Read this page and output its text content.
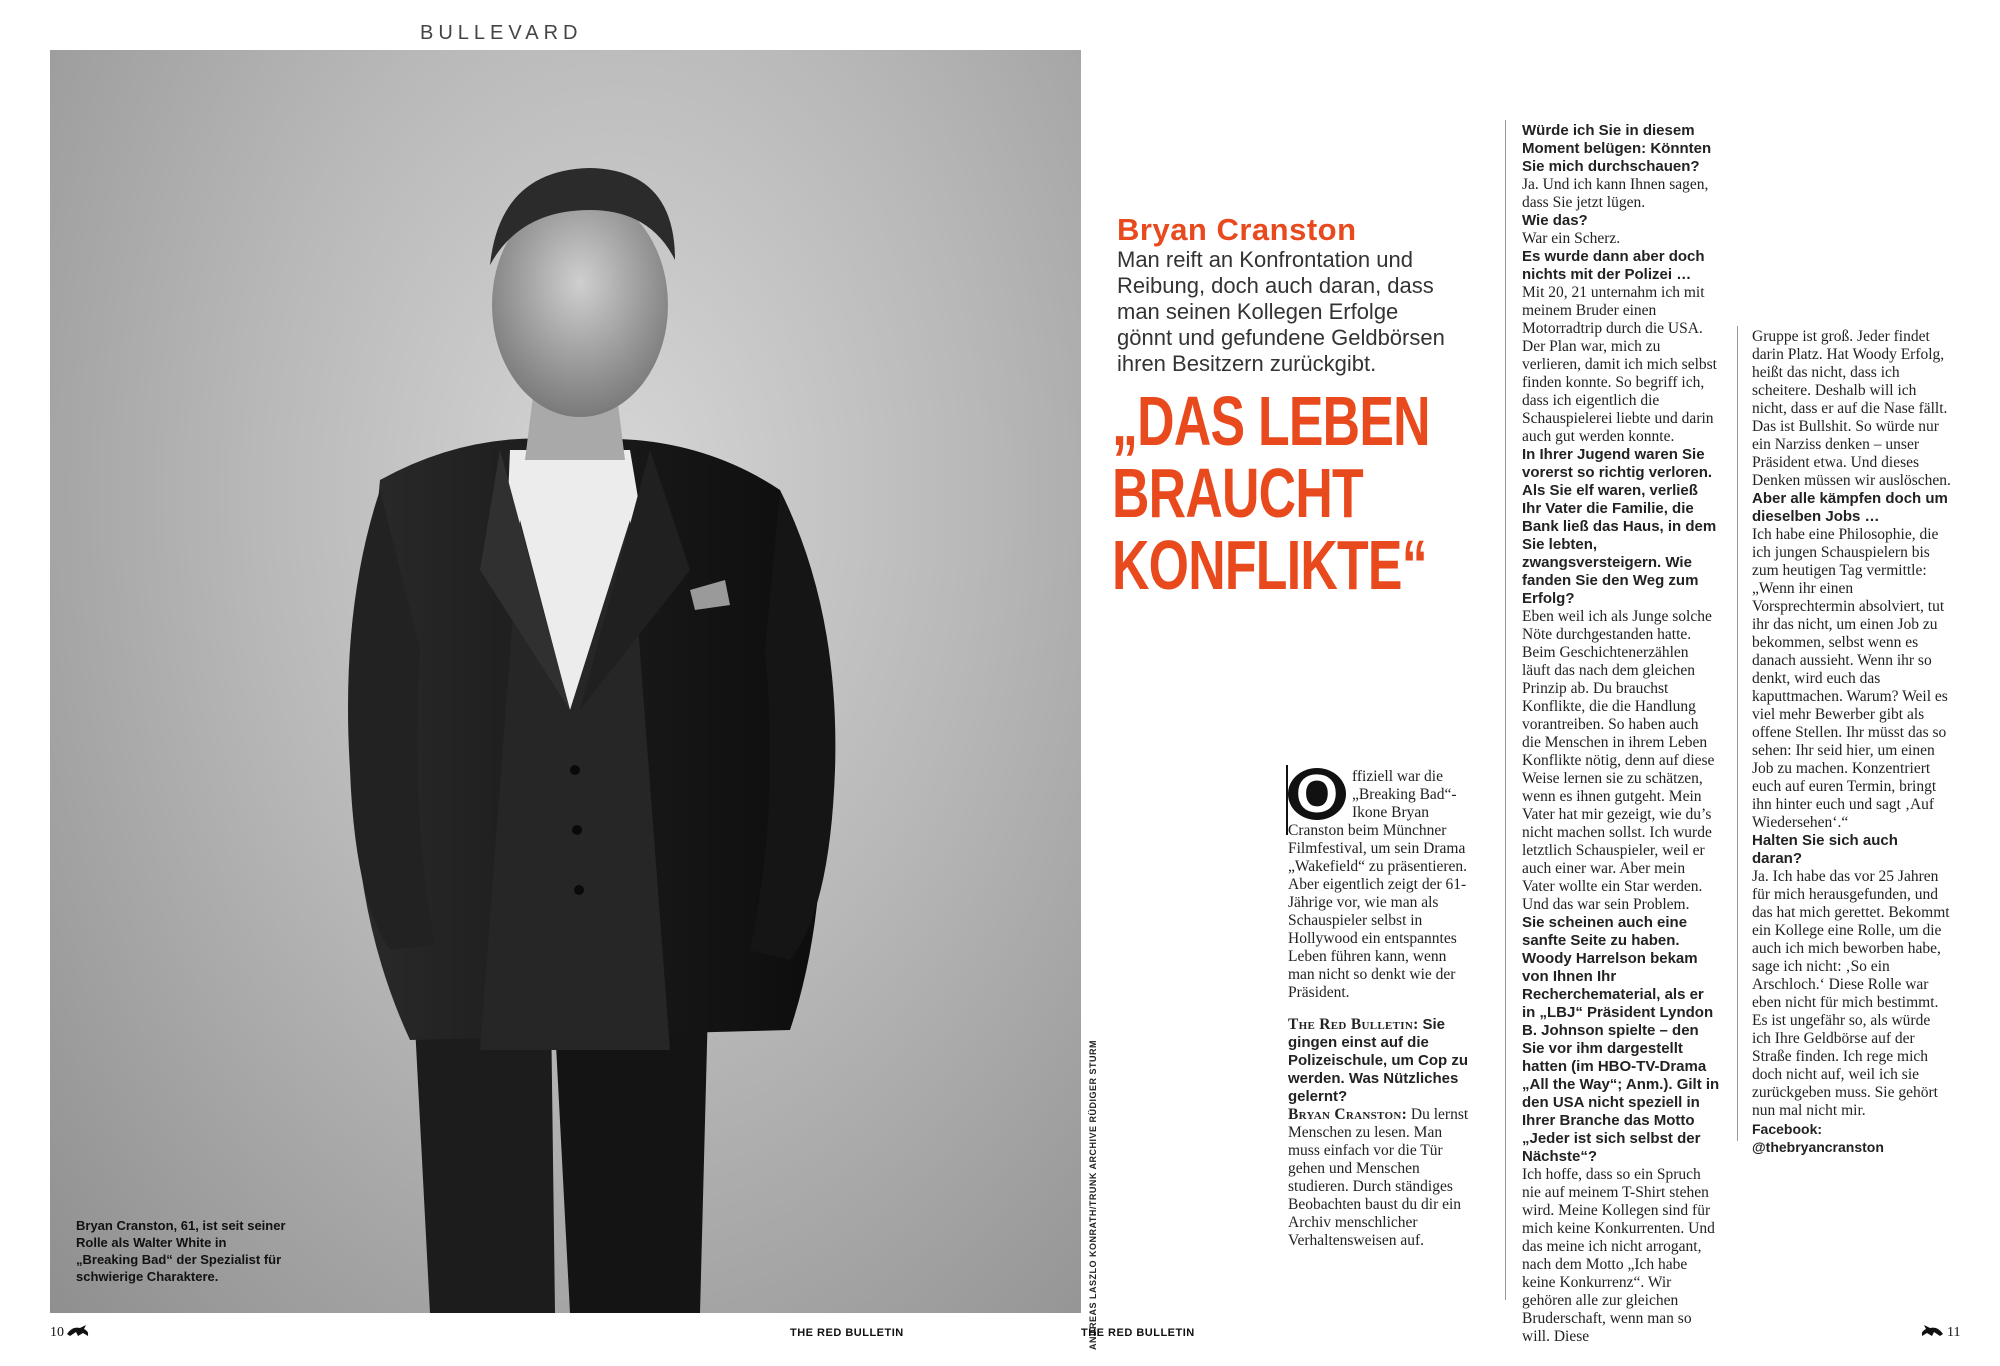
BULLEVARD
Bryan Cranston, 61, ist seit seiner Rolle als Walter White in „Breaking Bad“ der Spezialist für schwierige Charaktere.	ANDREAS LASZLO KONRATH/TRUNK ARCHIVE RÜDIGER STURM
Bryan Cranston
Man reift an Konfrontation und Reibung, doch auch daran, dass man seinen Kollegen Erfolge gönnt und gefundene Geldbörsen ihren Besitzern zurückgibt.
„DAS LEBEN
BRAUCHT
KONFLIKTE“

O ffiziell war die „Breaking Bad“-Ikone Bryan Cranston beim Münchner Filmfestival, um sein Drama „Wakefield“ zu präsentieren. Aber eigentlich zeigt der 61-Jährige vor, wie man als Schauspieler selbst in Hollywood ein entspanntes Leben führen kann, wenn man nicht so denkt wie der Präsident.

The Red Bulletin: Sie gingen einst auf die Polizeischule, um Cop zu werden. Was Nützliches gelernt?

Bryan Cranston: Du lernst Menschen zu lesen. Man muss einfach vor die Tür gehen und Menschen studieren. Durch ständiges Beobachten baust du dir ein Archiv menschlicher Verhaltensweisen auf.

Würde ich Sie in diesem Moment belügen: Könnten Sie mich durchschauen?

Ja. Und ich kann Ihnen sagen, dass Sie jetzt lügen.

Wie das?

War ein Scherz.

Es wurde dann aber doch nichts mit der Polizei …

Mit 20, 21 unternahm ich mit meinem Bruder einen Motorradtrip durch die USA. Der Plan war, mich zu verlieren, damit ich mich selbst finden konnte. So begriff ich, dass ich eigentlich die Schauspielerei liebte und darin auch gut werden konnte.

In Ihrer Jugend waren Sie vorerst so richtig verloren. Als Sie elf waren, verließ Ihr Vater die Familie, die Bank ließ das Haus, in dem Sie lebten, zwangsversteigern. Wie fanden Sie den Weg zum Erfolg?

Eben weil ich als Junge solche Nöte durchgestanden hatte. Beim Geschichtenerzählen läuft das nach dem gleichen Prinzip ab. Du brauchst Konflikte, die die Handlung vorantreiben. So haben auch die Menschen in ihrem Leben Konflikte nötig, denn auf diese Weise lernen sie zu schätzen, wenn es ihnen gutgeht. Mein Vater hat mir gezeigt, wie du’s nicht machen sollst. Ich wurde letztlich Schauspieler, weil er auch einer war. Aber mein Vater wollte ein Star werden. Und das war sein Problem.

Sie scheinen auch eine sanfte Seite zu haben. Woody Harrelson bekam von Ihnen Ihr Recherchematerial, als er in „LBJ“ Präsident Lyndon B. Johnson spielte – den Sie vor ihm dargestellt hatten (im HBO-TV-Drama „All the Way“; Anm.). Gilt in den USA nicht speziell in Ihrer Branche das Motto „Jeder ist sich selbst der Nächste“?

Ich hoffe, dass so ein Spruch nie auf meinem T-Shirt stehen wird. Meine Kollegen sind für mich keine Konkurrenten. Und das meine ich nicht arrogant, nach dem Motto „Ich habe keine Konkurrenz“. Wir gehören alle zur gleichen Bruderschaft, wenn man so will. Diese

Gruppe ist groß. Jeder findet darin Platz. Hat Woody Erfolg, heißt das nicht, dass ich scheitere. Deshalb will ich nicht, dass er auf die Nase fällt. Das ist Bullshit. So würde nur ein Narziss denken – unser Präsident etwa. Und dieses Denken müssen wir auslöschen.

Aber alle kämpfen doch um dieselben Jobs …

Ich habe eine Philosophie, die ich jungen Schauspielern bis zum heutigen Tag vermittle: „Wenn ihr einen Vorsprechtermin absolviert, tut ihr das nicht, um einen Job zu bekommen, selbst wenn es danach aussieht. Wenn ihr so denkt, wird euch das kaputtmachen. Warum? Weil es viel mehr Bewerber gibt als offene Stellen. Ihr müsst das so sehen: Ihr seid hier, um einen Job zu machen. Konzentriert euch auf euren Termin, bringt ihn hinter euch und sagt ‚Auf Wiedersehen‘.“

Halten Sie sich auch daran?

Ja. Ich habe das vor 25 Jahren für mich herausgefunden, und das hat mich gerettet. Bekommt ein Kollege eine Rolle, um die auch ich mich beworben habe, sage ich nicht: ‚So ein Arschloch.‘ Diese Rolle war eben nicht für mich bestimmt. Es ist ungefähr so, als würde ich Ihre Geldbörse auf der Straße finden. Ich rege mich doch nicht auf, weil ich sie zurückgeben muss. Sie gehört nun mal nicht mir.

Facebook: @thebryancranston

10	THE RED BULLETIN	THE RED BULLETIN	11
